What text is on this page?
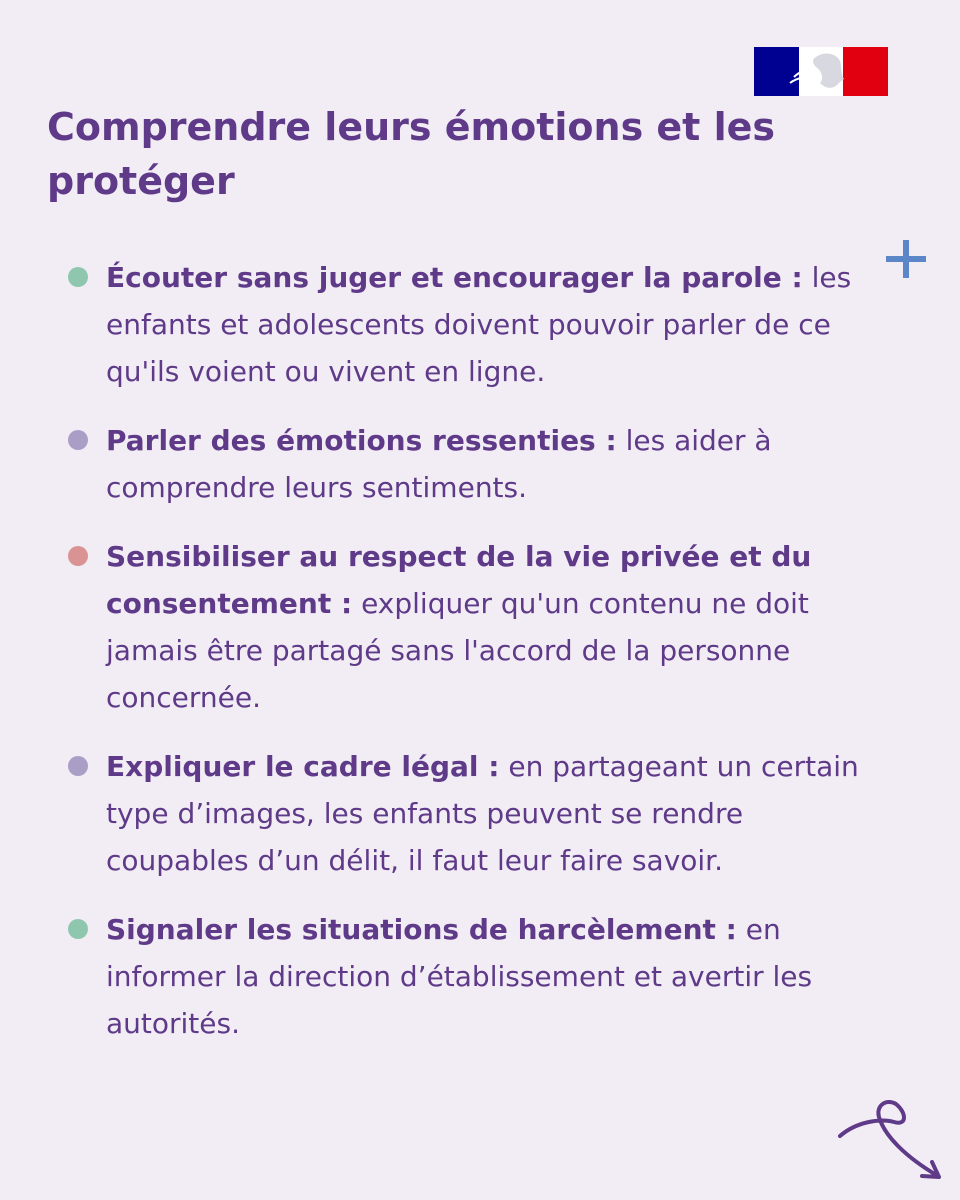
Comprendre leurs émotions et les protéger
Écouter sans juger et encourager la parole : les enfants et adolescents doivent pouvoir parler de ce qu'ils voient ou vivent en ligne.
Parler des émotions ressenties : les aider à comprendre leurs sentiments.
Sensibiliser au respect de la vie privée et du consentement : expliquer qu'un contenu ne doit jamais être partagé sans l'accord de la personne concernée.
Expliquer le cadre légal : en partageant un certain type d’images, les enfants peuvent se rendre coupables d’un délit, il faut leur faire savoir.
Signaler les situations de harcèlement : en informer la direction d’établissement et avertir les autorités.
